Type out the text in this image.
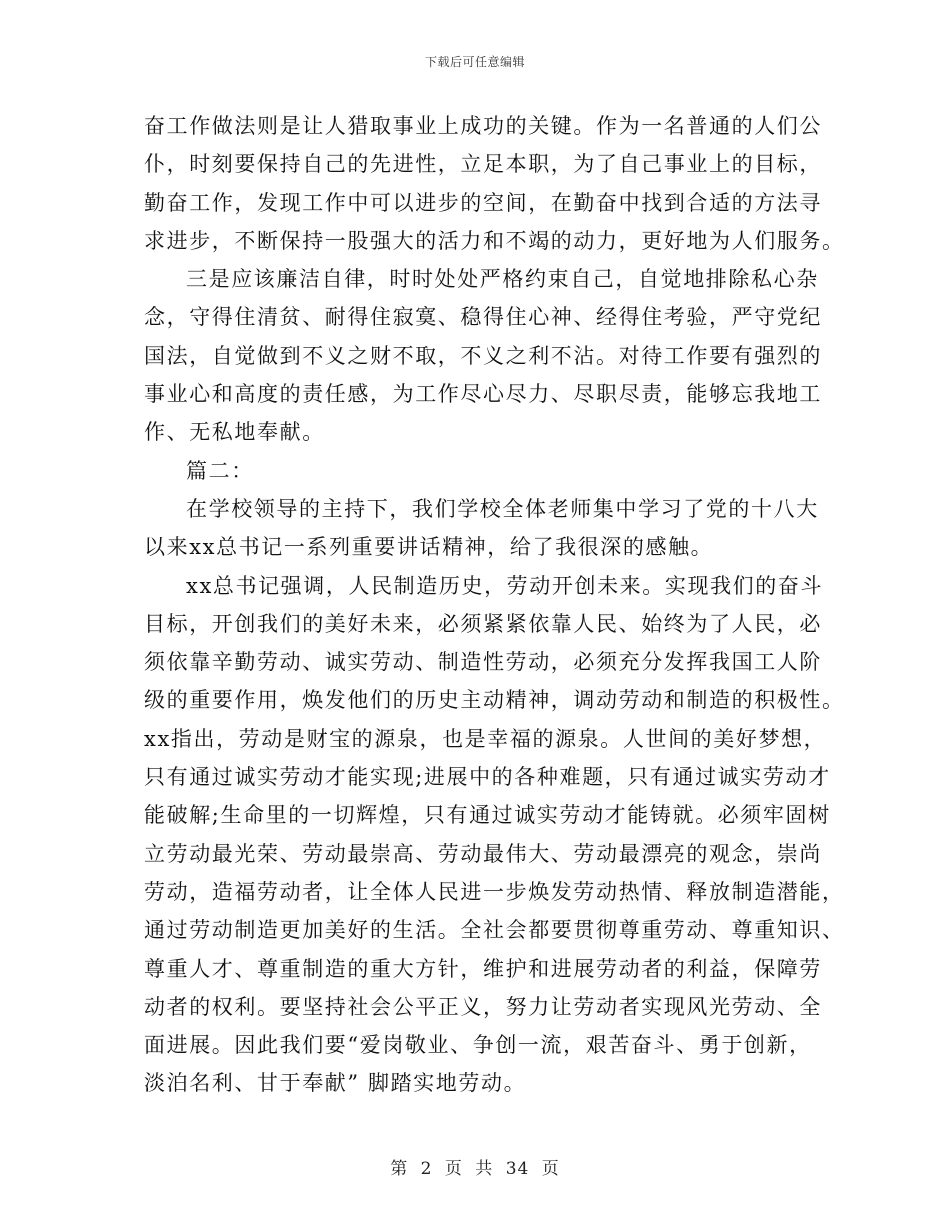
下载后可任意编辑
奋工作做法则是让人猎取事业上成功的关键。作为一名普通的人们公
仆，时刻要保持自己的先进性，立足本职，为了自己事业上的目标，
勤奋工作，发现工作中可以进步的空间，在勤奋中找到合适的方法寻
求进步，不断保持一股强大的活力和不竭的动力，更好地为人们服务。
三是应该廉洁自律，时时处处严格约束自己，自觉地排除私心杂
念，守得住清贫、耐得住寂寞、稳得住心神、经得住考验，严守党纪
国法，自觉做到不义之财不取，不义之利不沾。对待工作要有强烈的
事业心和高度的责任感，为工作尽心尽力、尽职尽责，能够忘我地工
作、无私地奉献。
篇二：
在学校领导的主持下，我们学校全体老师集中学习了党的十八大
以来xx总书记一系列重要讲话精神，给了我很深的感触。
xx总书记强调，人民制造历史，劳动开创未来。实现我们的奋斗
目标，开创我们的美好未来，必须紧紧依靠人民、始终为了人民，必
须依靠辛勤劳动、诚实劳动、制造性劳动，必须充分发挥我国工人阶
级的重要作用，焕发他们的历史主动精神，调动劳动和制造的积极性。
xx指出，劳动是财宝的源泉，也是幸福的源泉。人世间的美好梦想，
只有通过诚实劳动才能实现;进展中的各种难题，只有通过诚实劳动才
能破解;生命里的一切辉煌，只有通过诚实劳动才能铸就。必须牢固树
立劳动最光荣、劳动最崇高、劳动最伟大、劳动最漂亮的观念，崇尚
劳动，造福劳动者，让全体人民进一步焕发劳动热情、释放制造潜能，
通过劳动制造更加美好的生活。全社会都要贯彻尊重劳动、尊重知识、
尊重人才、尊重制造的重大方针，维护和进展劳动者的利益，保障劳
动者的权利。要坚持社会公平正义，努力让劳动者实现风光劳动、全
面进展。因此我们要“爱岗敬业、争创一流，艰苦奋斗、勇于创新，
淡泊名利、甘于奉献” 脚踏实地劳动。
第 2 页 共 34 页
